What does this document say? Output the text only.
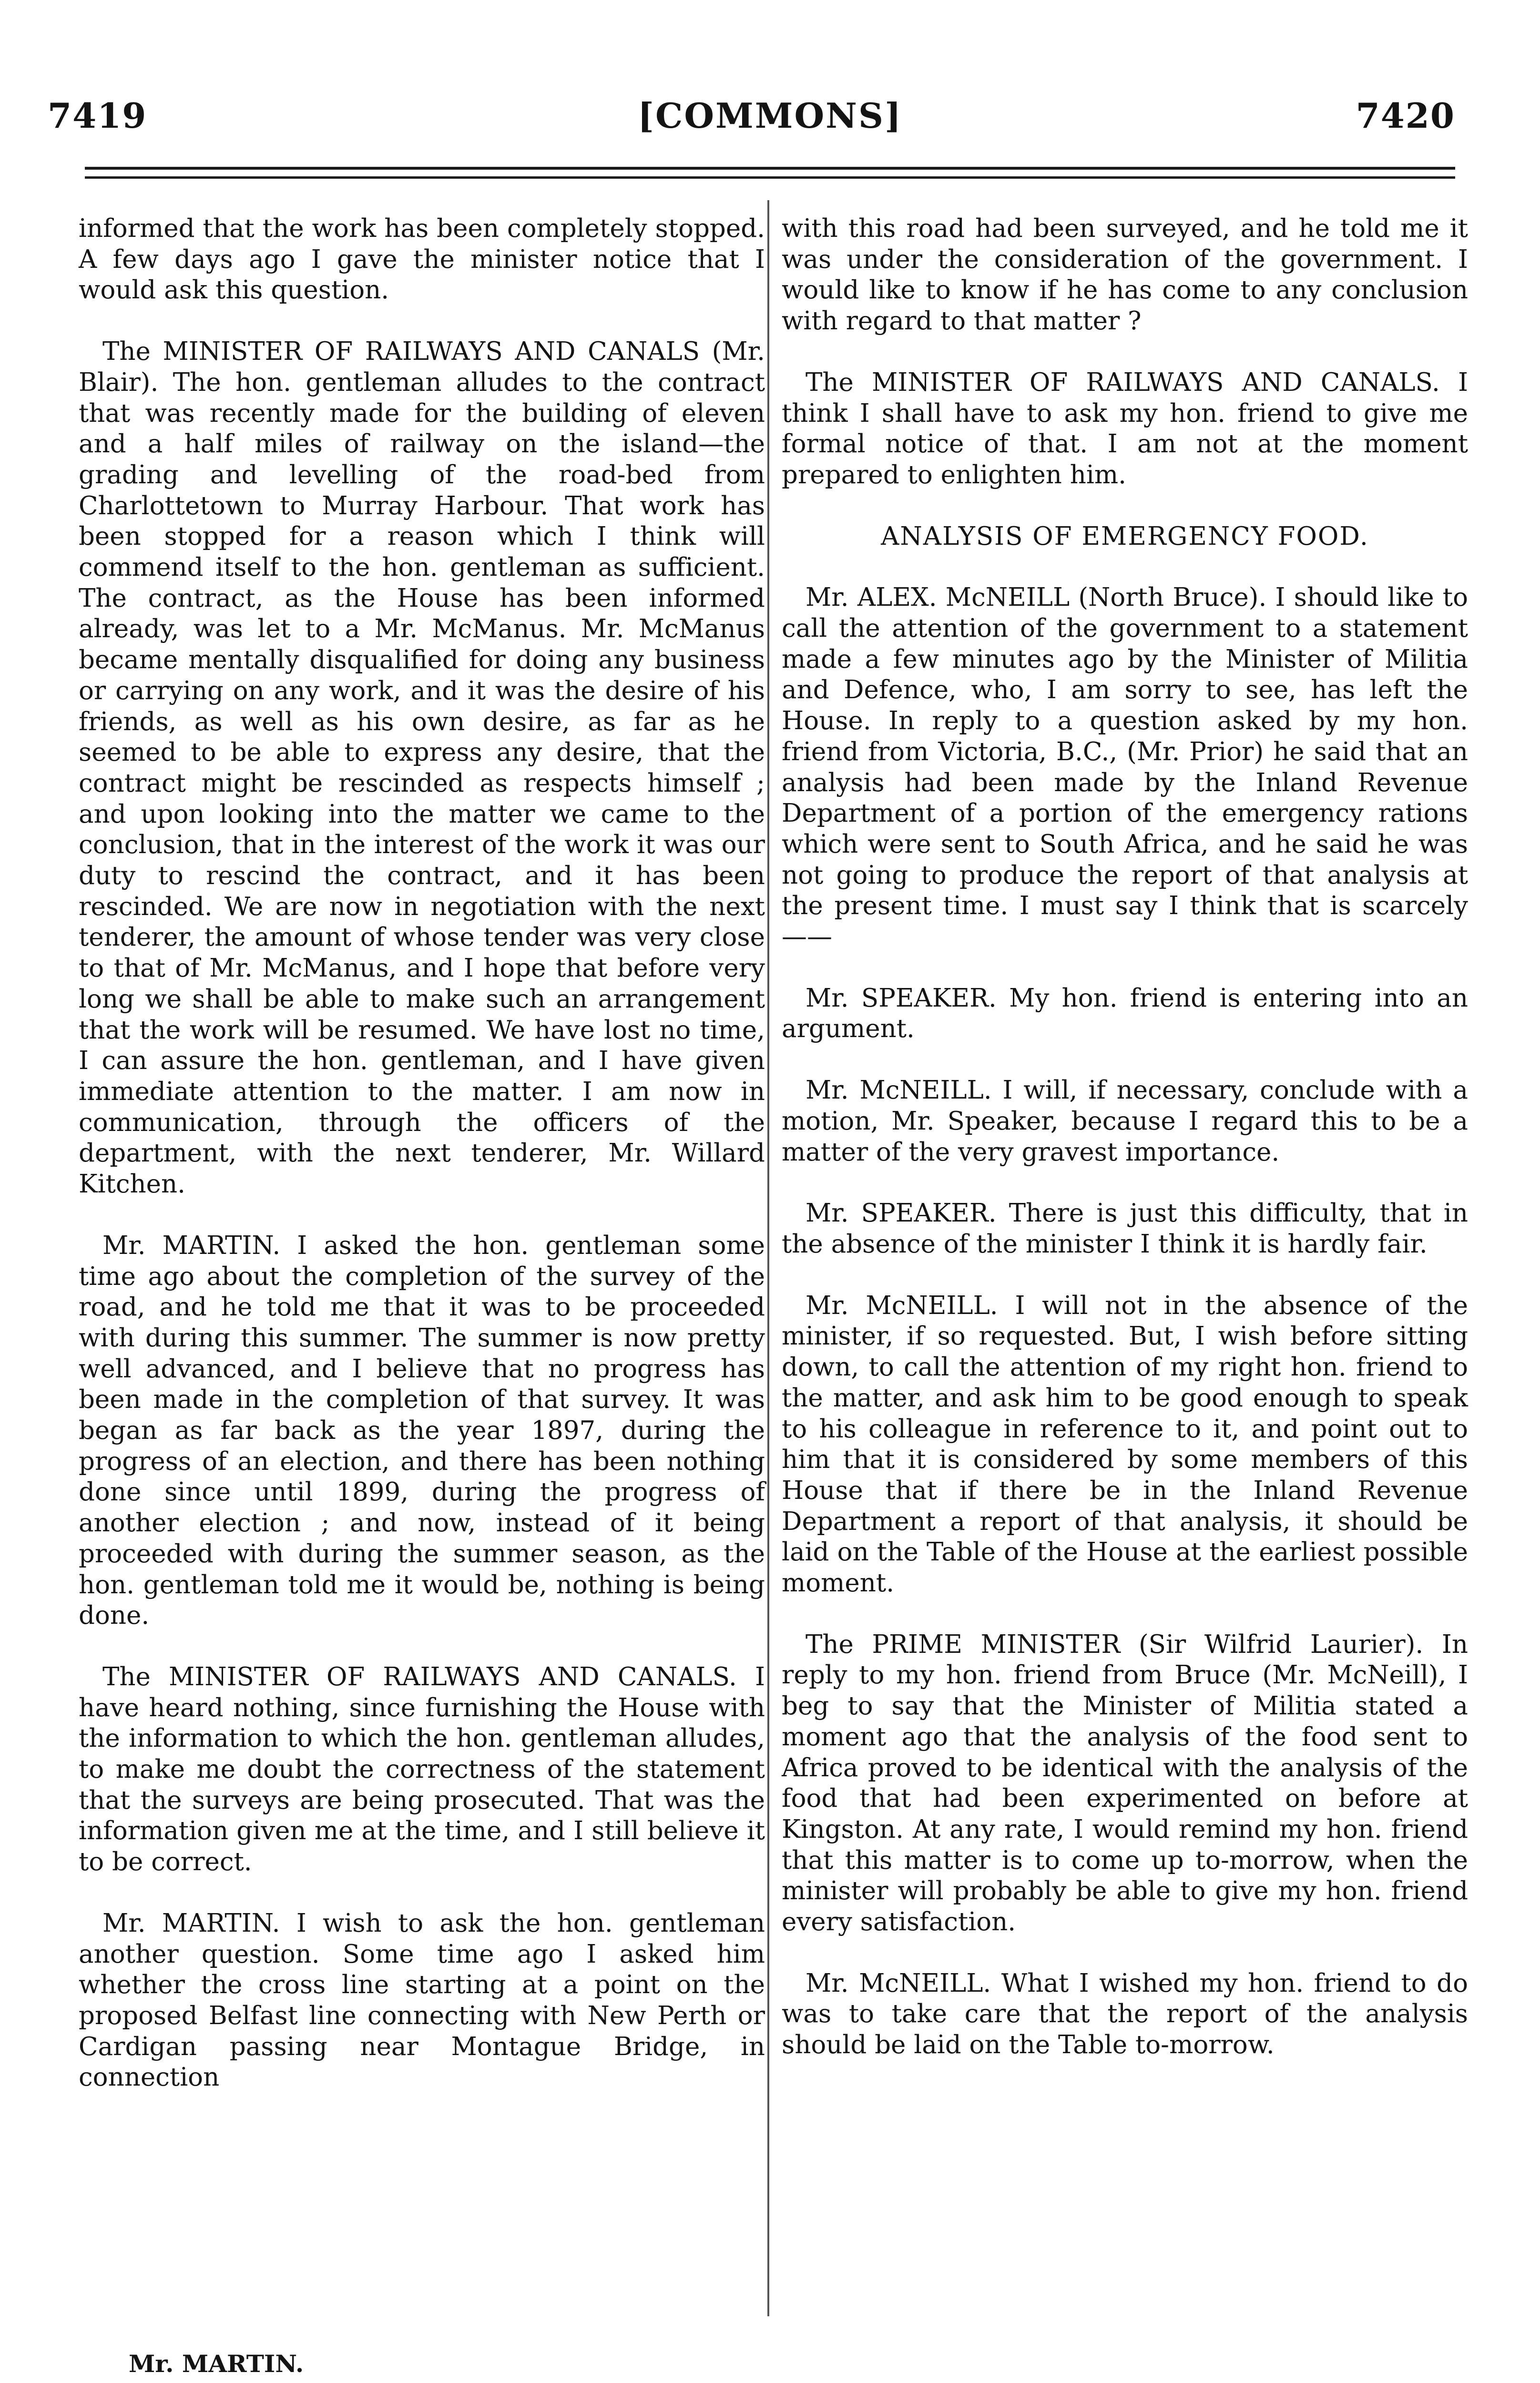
7419	[COMMONS]	7420

informed that the work has been completely stopped. A few days ago I gave the minister notice that I would ask this question.

The MINISTER OF RAILWAYS AND CANALS (Mr. Blair). The hon. gentleman alludes to the contract that was recently made for the building of eleven and a half miles of railway on the island—the grading and levelling of the road-bed from Charlottetown to Murray Harbour. That work has been stopped for a reason which I think will commend itself to the hon. gentleman as sufficient. The contract, as the House has been informed already, was let to a Mr. McManus. Mr. McManus became mentally disqualified for doing any business or carrying on any work, and it was the desire of his friends, as well as his own desire, as far as he seemed to be able to express any desire, that the contract might be rescinded as respects himself ; and upon looking into the matter we came to the conclusion, that in the interest of the work it was our duty to rescind the contract, and it has been rescinded. We are now in negotiation with the next tenderer, the amount of whose tender was very close to that of Mr. McManus, and I hope that before very long we shall be able to make such an arrangement that the work will be resumed. We have lost no time, I can assure the hon. gentleman, and I have given immediate attention to the matter. I am now in communication, through the officers of the department, with the next tenderer, Mr. Willard Kitchen.

Mr. MARTIN. I asked the hon. gentleman some time ago about the completion of the survey of the road, and he told me that it was to be proceeded with during this summer. The summer is now pretty well advanced, and I believe that no progress has been made in the completion of that survey. It was began as far back as the year 1897, during the progress of an election, and there has been nothing done since until 1899, during the progress of another election ; and now, instead of it being proceeded with during the summer season, as the hon. gentleman told me it would be, nothing is being done.

The MINISTER OF RAILWAYS AND CANALS. I have heard nothing, since furnishing the House with the information to which the hon. gentleman alludes, to make me doubt the correctness of the statement that the surveys are being prosecuted. That was the information given me at the time, and I still believe it to be correct.

Mr. MARTIN. I wish to ask the hon. gentleman another question. Some time ago I asked him whether the cross line starting at a point on the proposed Belfast line connecting with New Perth or Cardigan passing near Montague Bridge, in connection

with this road had been surveyed, and he told me it was under the consideration of the government. I would like to know if he has come to any conclusion with regard to that matter ?

The MINISTER OF RAILWAYS AND CANALS. I think I shall have to ask my hon. friend to give me formal notice of that. I am not at the moment prepared to enlighten him.

ANALYSIS OF EMERGENCY FOOD.

Mr. ALEX. McNEILL (North Bruce). I should like to call the attention of the government to a statement made a few minutes ago by the Minister of Militia and Defence, who, I am sorry to see, has left the House. In reply to a question asked by my hon. friend from Victoria, B.C., (Mr. Prior) he said that an analysis had been made by the Inland Revenue Department of a portion of the emergency rations which were sent to South Africa, and he said he was not going to produce the report of that analysis at the present time. I must say I think that is scarcely——

Mr. SPEAKER. My hon. friend is entering into an argument.

Mr. McNEILL. I will, if necessary, conclude with a motion, Mr. Speaker, because I regard this to be a matter of the very gravest importance.

Mr. SPEAKER. There is just this difficulty, that in the absence of the minister I think it is hardly fair.

Mr. McNEILL. I will not in the absence of the minister, if so requested. But, I wish before sitting down, to call the attention of my right hon. friend to the matter, and ask him to be good enough to speak to his colleague in reference to it, and point out to him that it is considered by some members of this House that if there be in the Inland Revenue Department a report of that analysis, it should be laid on the Table of the House at the earliest possible moment.

The PRIME MINISTER (Sir Wilfrid Laurier). In reply to my hon. friend from Bruce (Mr. McNeill), I beg to say that the Minister of Militia stated a moment ago that the analysis of the food sent to Africa proved to be identical with the analysis of the food that had been experimented on before at Kingston. At any rate, I would remind my hon. friend that this matter is to come up to-morrow, when the minister will probably be able to give my hon. friend every satisfaction.

Mr. McNEILL. What I wished my hon. friend to do was to take care that the report of the analysis should be laid on the Table to-morrow.

Mr. MARTIN.
